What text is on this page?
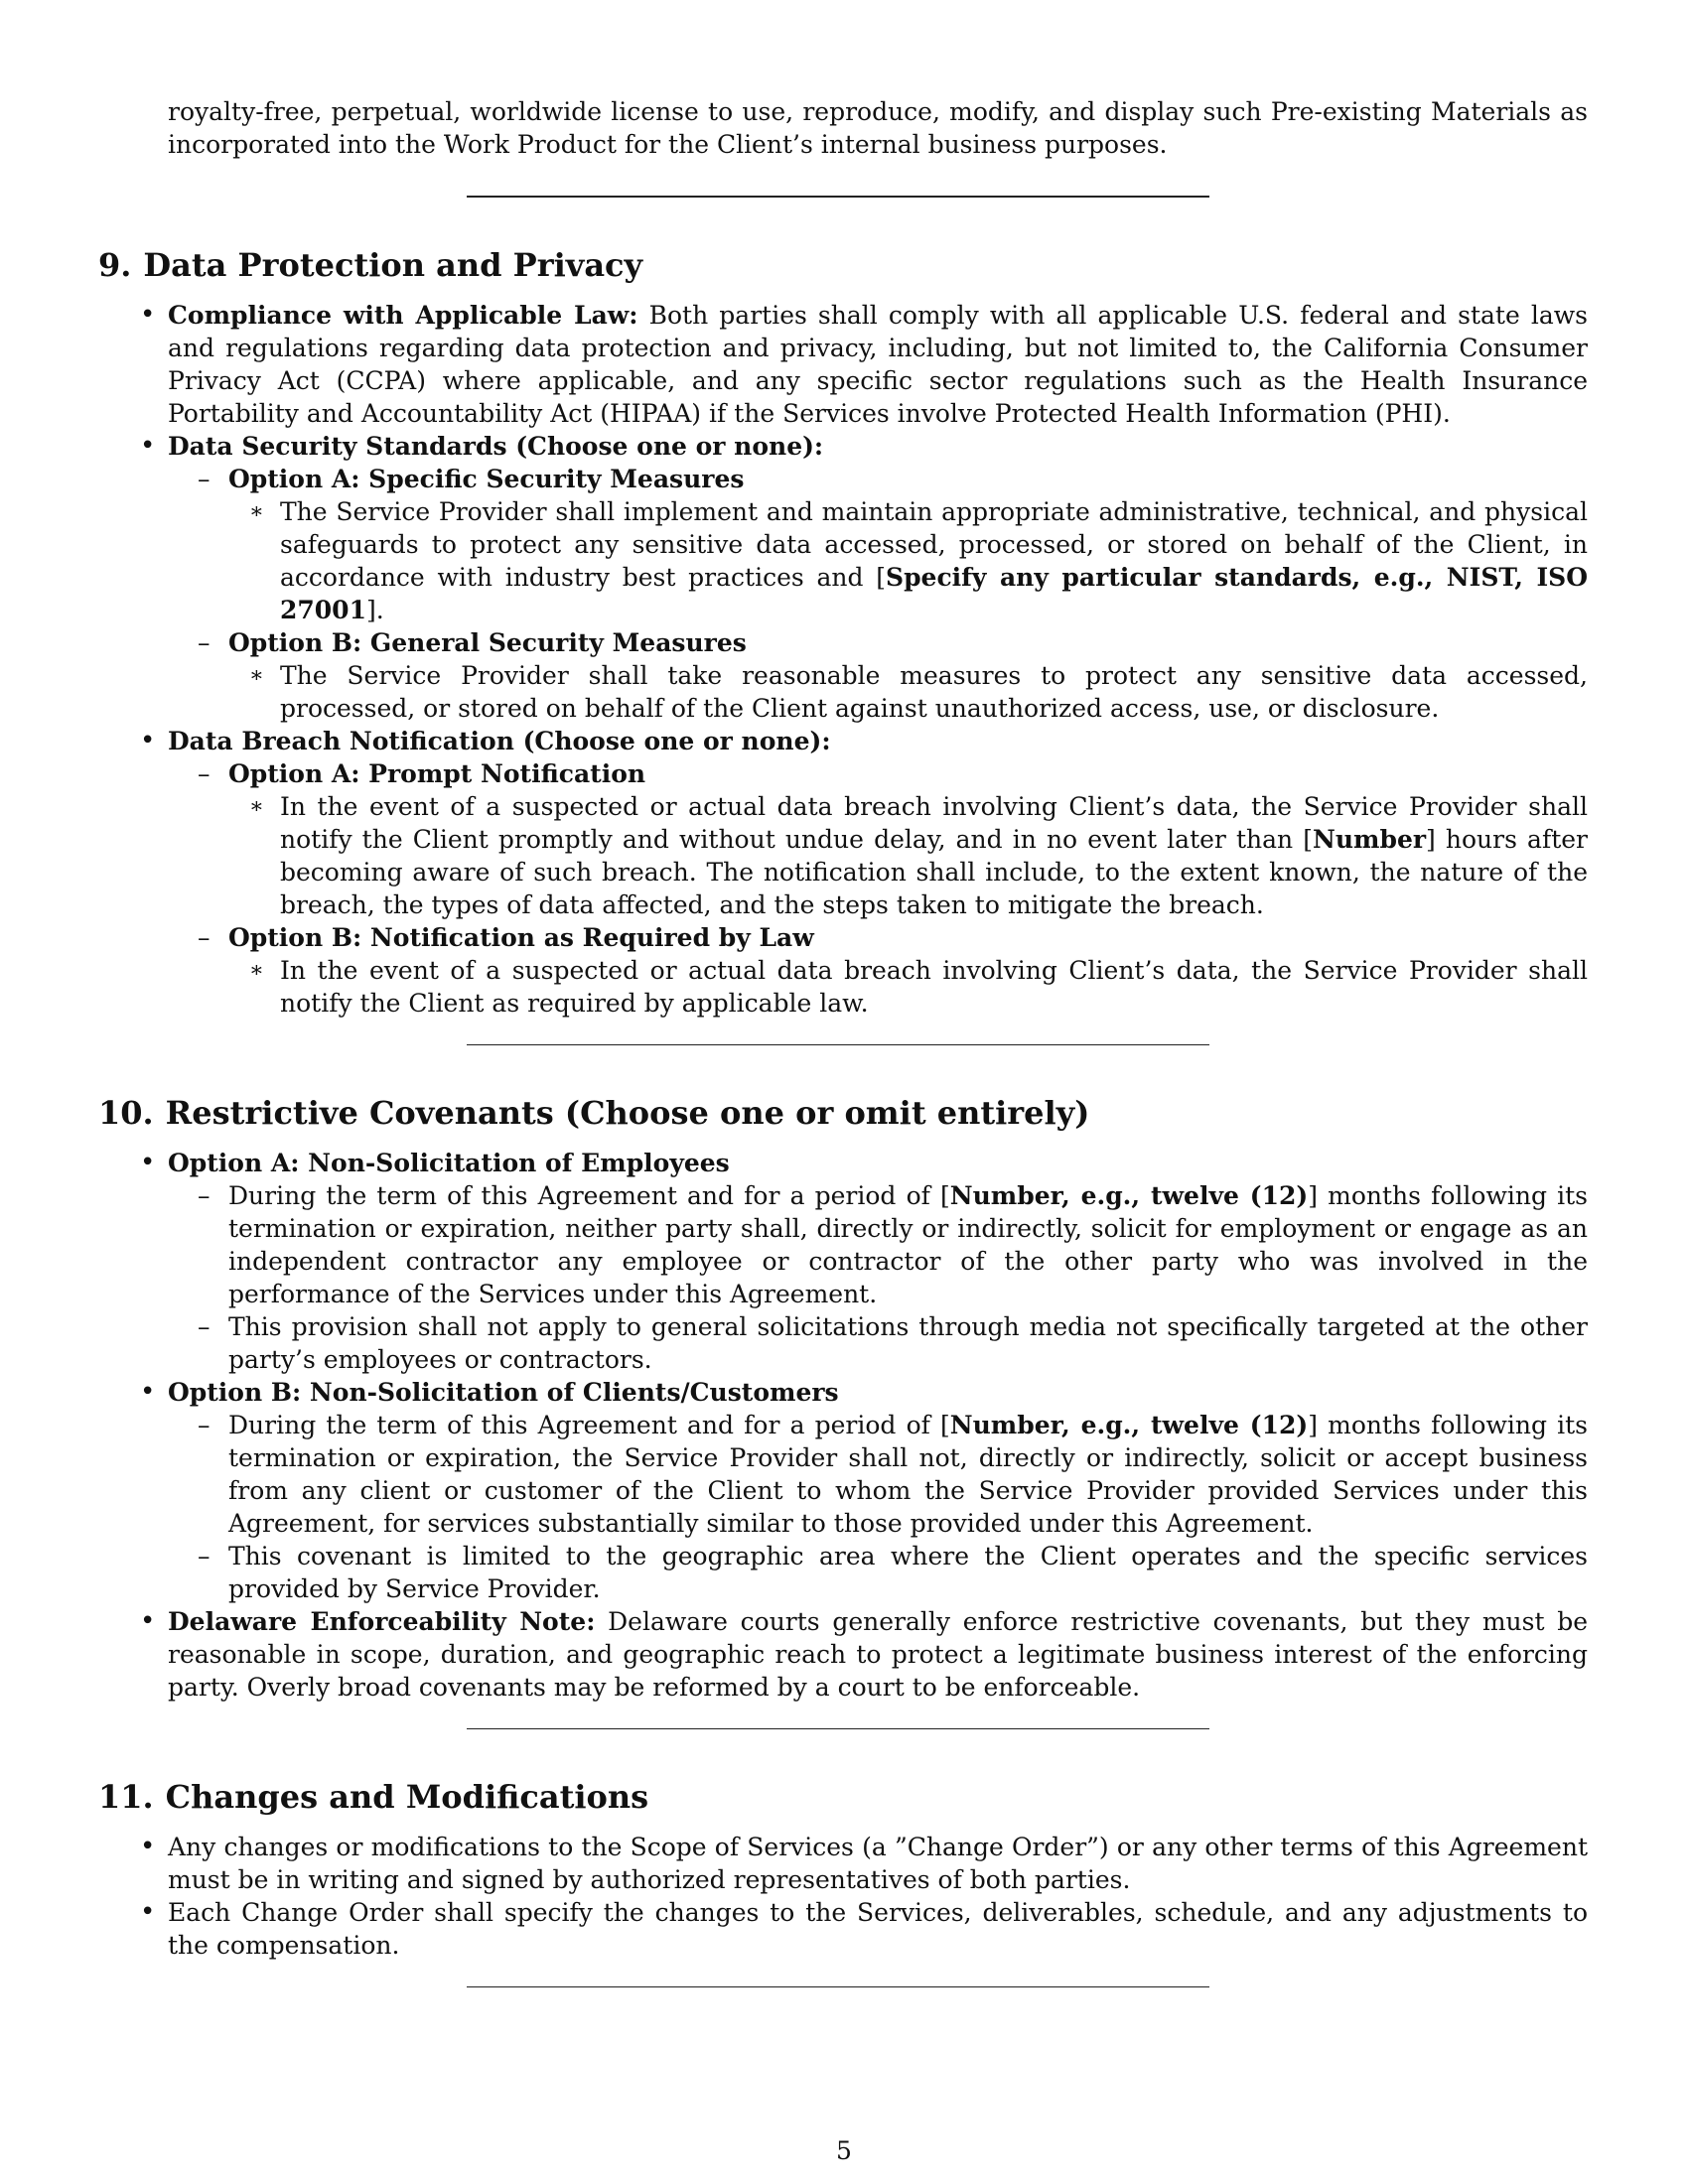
royalty-free, perpetual, worldwide license to use, reproduce, modify, and display such Pre-existing Materials as incorporated into the Work Product for the Client’s internal business purposes.

9. Data Protection and Privacy
• Compliance with Applicable Law: Both parties shall comply with all applicable U.S. federal and state laws and regulations regarding data protection and privacy, including, but not limited to, the California Consumer Privacy Act (CCPA) where applicable, and any specific sector regulations such as the Health Insurance Portability and Accountability Act (HIPAA) if the Services involve Protected Health Information (PHI).
• Data Security Standards (Choose one or none):
– Option A: Specific Security Measures
∗ The Service Provider shall implement and maintain appropriate administrative, technical, and physical safeguards to protect any sensitive data accessed, processed, or stored on behalf of the Client, in accordance with industry best practices and [Specify any particular standards, e.g., NIST, ISO 27001].
– Option B: General Security Measures
∗ The Service Provider shall take reasonable measures to protect any sensitive data accessed, processed, or stored on behalf of the Client against unauthorized access, use, or disclosure.
• Data Breach Notification (Choose one or none):
– Option A: Prompt Notification
∗ In the event of a suspected or actual data breach involving Client’s data, the Service Provider shall notify the Client promptly and without undue delay, and in no event later than [Number] hours after becoming aware of such breach. The notification shall include, to the extent known, the nature of the breach, the types of data affected, and the steps taken to mitigate the breach.
– Option B: Notification as Required by Law
∗ In the event of a suspected or actual data breach involving Client’s data, the Service Provider shall notify the Client as required by applicable law.
10. Restrictive Covenants (Choose one or omit entirely)
• Option A: Non-Solicitation of Employees
– During the term of this Agreement and for a period of [Number, e.g., twelve (12)] months following its termination or expiration, neither party shall, directly or indirectly, solicit for employment or engage as an independent contractor any employee or contractor of the other party who was involved in the performance of the Services under this Agreement.
– This provision shall not apply to general solicitations through media not specifically targeted at the other party’s employees or contractors.
• Option B: Non-Solicitation of Clients/Customers
– During the term of this Agreement and for a period of [Number, e.g., twelve (12)] months following its termination or expiration, the Service Provider shall not, directly or indirectly, solicit or accept business from any client or customer of the Client to whom the Service Provider provided Services under this Agreement, for services substantially similar to those provided under this Agreement.
– This covenant is limited to the geographic area where the Client operates and the specific services provided by Service Provider.
• Delaware Enforceability Note: Delaware courts generally enforce restrictive covenants, but they must be reasonable in scope, duration, and geographic reach to protect a legitimate business interest of the enforcing party. Overly broad covenants may be reformed by a court to be enforceable.
11. Changes and Modifications
• Any changes or modifications to the Scope of Services (a ”Change Order”) or any other terms of this Agreement must be in writing and signed by authorized representatives of both parties.
• Each Change Order shall specify the changes to the Services, deliverables, schedule, and any adjustments to the compensation.
5
